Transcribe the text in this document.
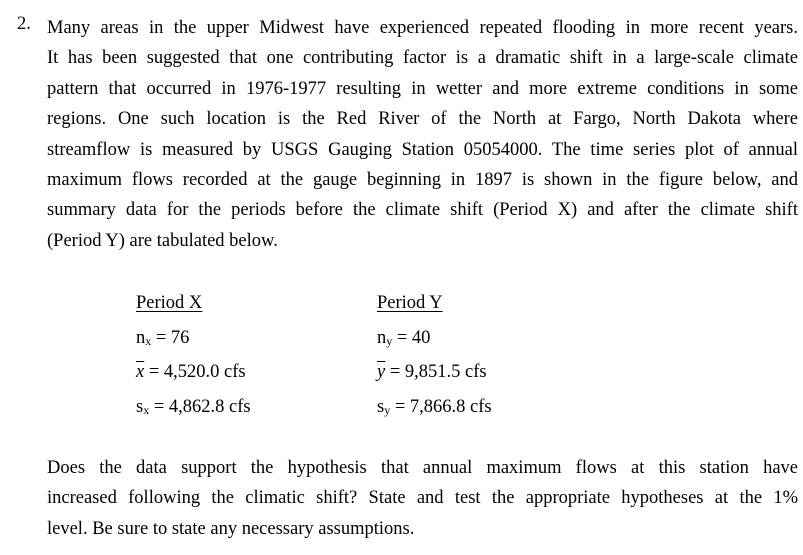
2. Many areas in the upper Midwest have experienced repeated flooding in more recent years.
It has been suggested that one contributing factor is a dramatic shift in a large-scale climate
pattern that occurred in 1976-1977 resulting in wetter and more extreme conditions in some
regions. One such location is the Red River of the North at Fargo, North Dakota where
streamflow is measured by USGS Gauging Station 05054000. The time series plot of annual
maximum flows recorded at the gauge beginning in 1897 is shown in the figure below, and
summary data for the periods before the climate shift (Period X) and after the climate shift
(Period Y) are tabulated below.
Period X
$n_x = 76$
$\overline{x} = 4,520.0$ cfs
$s_x = 4,862.8$ cfs
Period Y
$n_y = 40$
$\overline{y} = 9,851.5$ cfs
$s_y = 7,866.8$ cfs
Does the data support the hypothesis that annual maximum flows at this station have
increased following the climatic shift? State and test the appropriate hypotheses at the 1%
level. Be sure to state any necessary assumptions.
